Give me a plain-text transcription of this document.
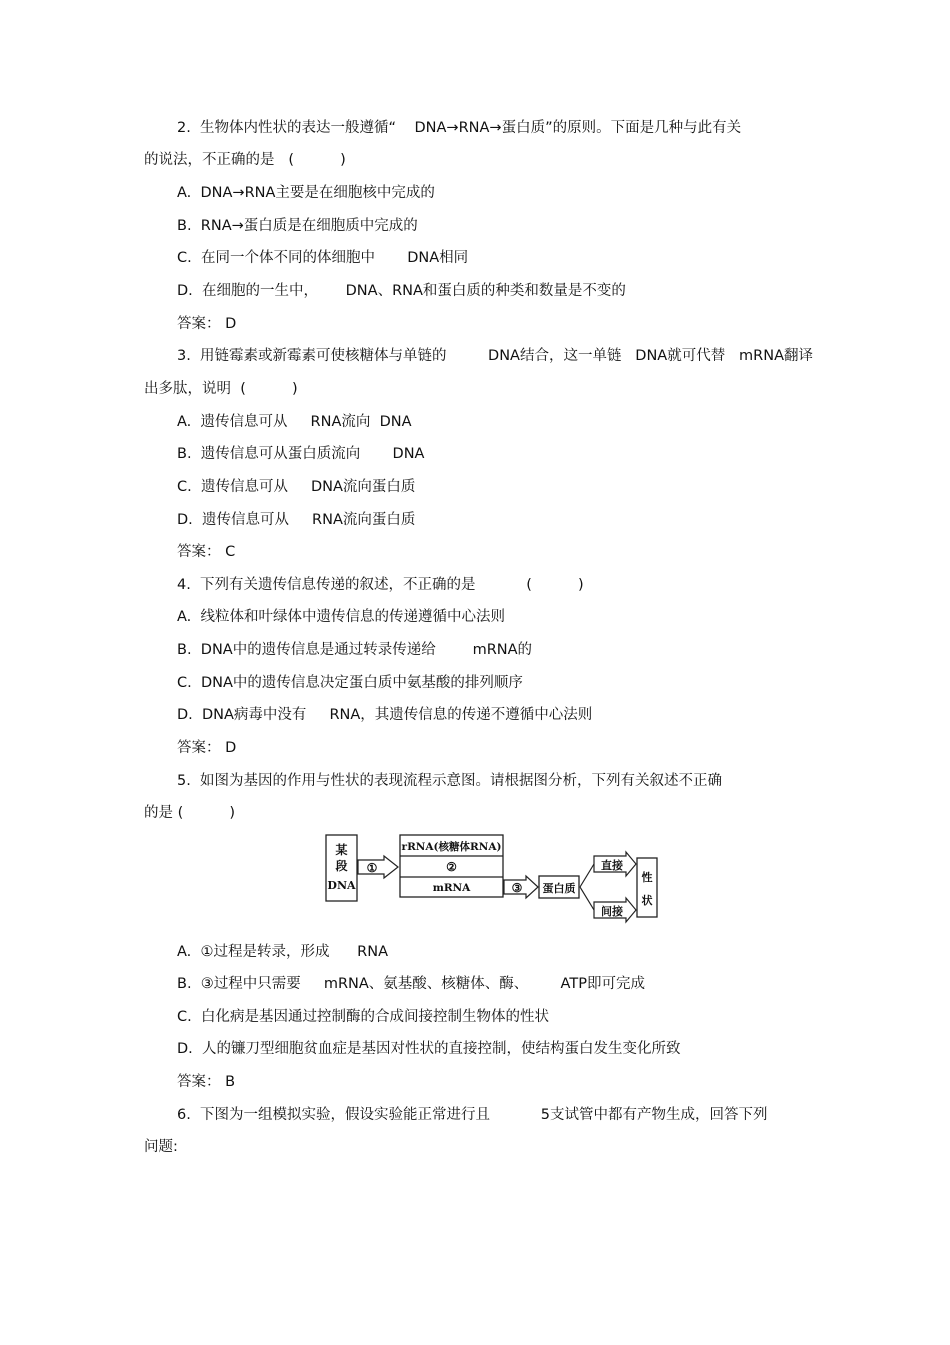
2.  生物体内性状的表达一般遵循“    DNA→RNA→蛋白质”的原则。下面是几种与此有关
的说法，不正确的是   (          )
A.  DNA→RNA主要是在细胞核中完成的
B.  RNA→蛋白质是在细胞质中完成的
C.  在同一个体不同的体细胞中       DNA相同
D.  在细胞的一生中，      DNA、RNA和蛋白质的种类和数量是不变的
答案： D
3.  用链霉素或新霉素可使核糖体与单链的         DNA结合，这一单链   DNA就可代替   mRNA翻译
出多肽，说明  (          )
A.  遗传信息可从     RNA流向  DNA
B.  遗传信息可从蛋白质流向       DNA
C.  遗传信息可从     DNA流向蛋白质
D.  遗传信息可从     RNA流向蛋白质
答案： C
4.  下列有关遗传信息传递的叙述，不正确的是           (          )
A.  线粒体和叶绿体中遗传信息的传递遵循中心法则
B.  DNA中的遗传信息是通过转录传递给        mRNA的
C.  DNA中的遗传信息决定蛋白质中氨基酸的排列顺序
D.  DNA病毒中没有     RNA，其遗传信息的传递不遵循中心法则
答案： D
5.  如图为基因的作用与性状的表现流程示意图。请根据图分析，下列有关叙述不正确
的是 (          )
某
段
DNA
①
rRNA(核糖体RNA)
②
mRNA	③ 蛋白质
直接
间接
性
状
A.  ①过程是转录，形成      RNA
B.  ③过程中只需要     mRNA、氨基酸、核糖体、酶、       ATP即可完成
C.  白化病是基因通过控制酶的合成间接控制生物体的性状
D.  人的镰刀型细胞贫血症是基因对性状的直接控制，使结构蛋白发生变化所致
答案： B
6.  下图为一组模拟实验，假设实验能正常进行且           5支试管中都有产物生成，回答下列
问题:
